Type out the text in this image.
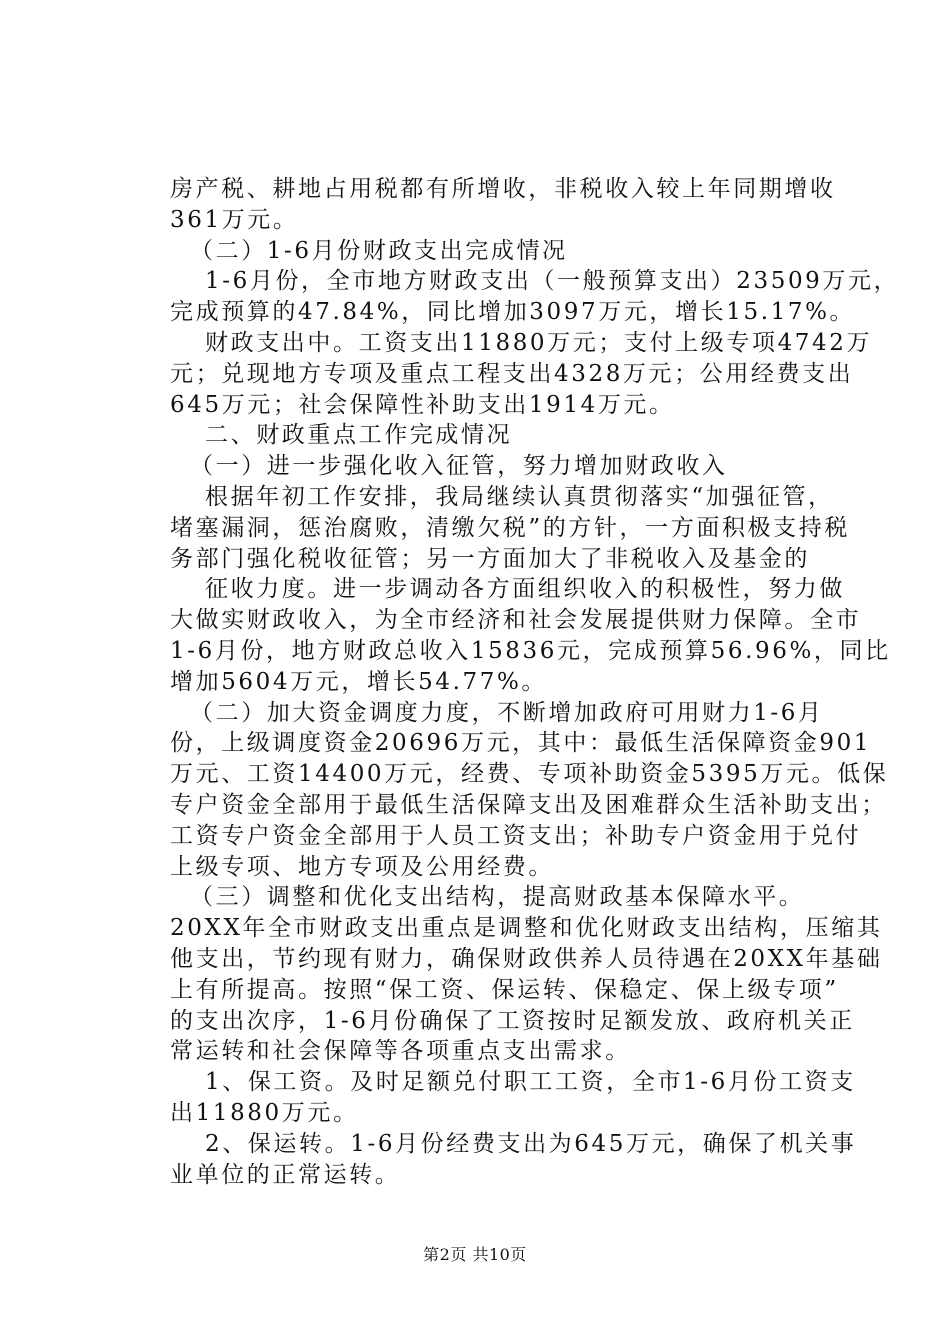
房产税、耕地占用税都有所增收，非税收入较上年同期增收
361万元。
（二）1-6月份财政支出完成情况
1-6月份，全市地方财政支出（一般预算支出）23509万元，
完成预算的47.84%，同比增加3097万元，增长15.17%。
财政支出中。工资支出11880万元；支付上级专项4742万
元；兑现地方专项及重点工程支出4328万元；公用经费支出
645万元；社会保障性补助支出1914万元。
二、财政重点工作完成情况
（一）进一步强化收入征管，努力增加财政收入
根据年初工作安排，我局继续认真贯彻落实“加强征管，
堵塞漏洞，惩治腐败，清缴欠税”的方针，一方面积极支持税
务部门强化税收征管；另一方面加大了非税收入及基金的
征收力度。进一步调动各方面组织收入的积极性，努力做
大做实财政收入，为全市经济和社会发展提供财力保障。全市
1-6月份，地方财政总收入15836元，完成预算56.96%，同比
增加5604万元，增长54.77%。
（二）加大资金调度力度，不断增加政府可用财力1-6月
份，上级调度资金20696万元，其中：最低生活保障资金901
万元、工资14400万元，经费、专项补助资金5395万元。低保
专户资金全部用于最低生活保障支出及困难群众生活补助支出；
工资专户资金全部用于人员工资支出；补助专户资金用于兑付
上级专项、地方专项及公用经费。
（三）调整和优化支出结构，提高财政基本保障水平。
20XX年全市财政支出重点是调整和优化财政支出结构，压缩其
他支出，节约现有财力，确保财政供养人员待遇在20XX年基础
上有所提高。按照“保工资、保运转、保稳定、保上级专项”
的支出次序，1-6月份确保了工资按时足额发放、政府机关正
常运转和社会保障等各项重点支出需求。
1、保工资。及时足额兑付职工工资，全市1-6月份工资支
出11880万元。
2、保运转。1-6月份经费支出为645万元，确保了机关事
业单位的正常运转。
第2页 共10页
